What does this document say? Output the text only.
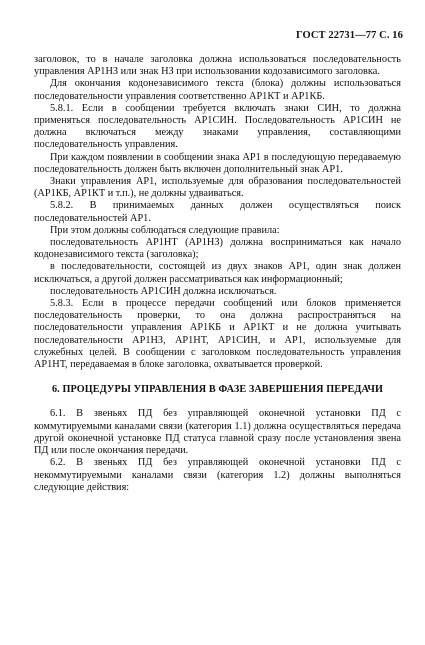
ГОСТ 22731—77 С. 16

заголовок, то в начале заголовка должна использоваться последовательность управления АР1НЗ или знак НЗ при использовании кодозависимого заголовка.

Для окончания кодонезависимого текста (блока) должны использоваться последовательности управления соответственно АР1КТ и АР1КБ.

5.8.1. Если в сообщении требуется включать знаки СИН, то должна применяться последовательность АР1СИН. Последовательность АР1СИН не должна включаться между знаками управления, составляющими последовательность управления.

При каждом появлении в сообщении знака АР1 в последующую передаваемую последовательность должен быть включен дополнительный знак АР1.

Знаки управления АР1, используемые для образования последовательностей (АР1КБ, АР1КТ и т.п.), не должны удваиваться.

5.8.2. В принимаемых данных должен осуществляться поиск последовательностей АР1.

При этом должны соблюдаться следующие правила:

последовательность АР1НТ (АР1НЗ) должна восприниматься как начало кодонезависимого текста (заголовка);

в последовательности, состоящей из двух знаков АР1, один знак должен исключаться, а другой должен рассматриваться как информационный;

последовательность АР1СИН должна исключаться.

5.8.3. Если в процессе передачи сообщений или блоков применяется последовательность проверки, то она должна распространяться на последовательности управления АР1КБ и АР1КТ и не должна учитывать последовательности АР1НЗ, АР1НТ, АР1СИН, и АР1, используемые для служебных целей. В сообщении с заголовком последовательность управления АР1НТ, передаваемая в блоке заголовка, охватывается проверкой.

6. ПРОЦЕДУРЫ УПРАВЛЕНИЯ В ФАЗЕ ЗАВЕРШЕНИЯ ПЕРЕДАЧИ

6.1. В звеньях ПД без управляющей оконечной установки ПД с коммутируемыми каналами связи (категория 1.1) должна осуществляться передача другой оконечной установке ПД статуса главной сразу после установления звена ПД или после окончания передачи.

6.2. В звеньях ПД без управляющей оконечной установки ПД с некоммутируемыми каналами связи (категория 1.2) должны выполняться следующие действия:
